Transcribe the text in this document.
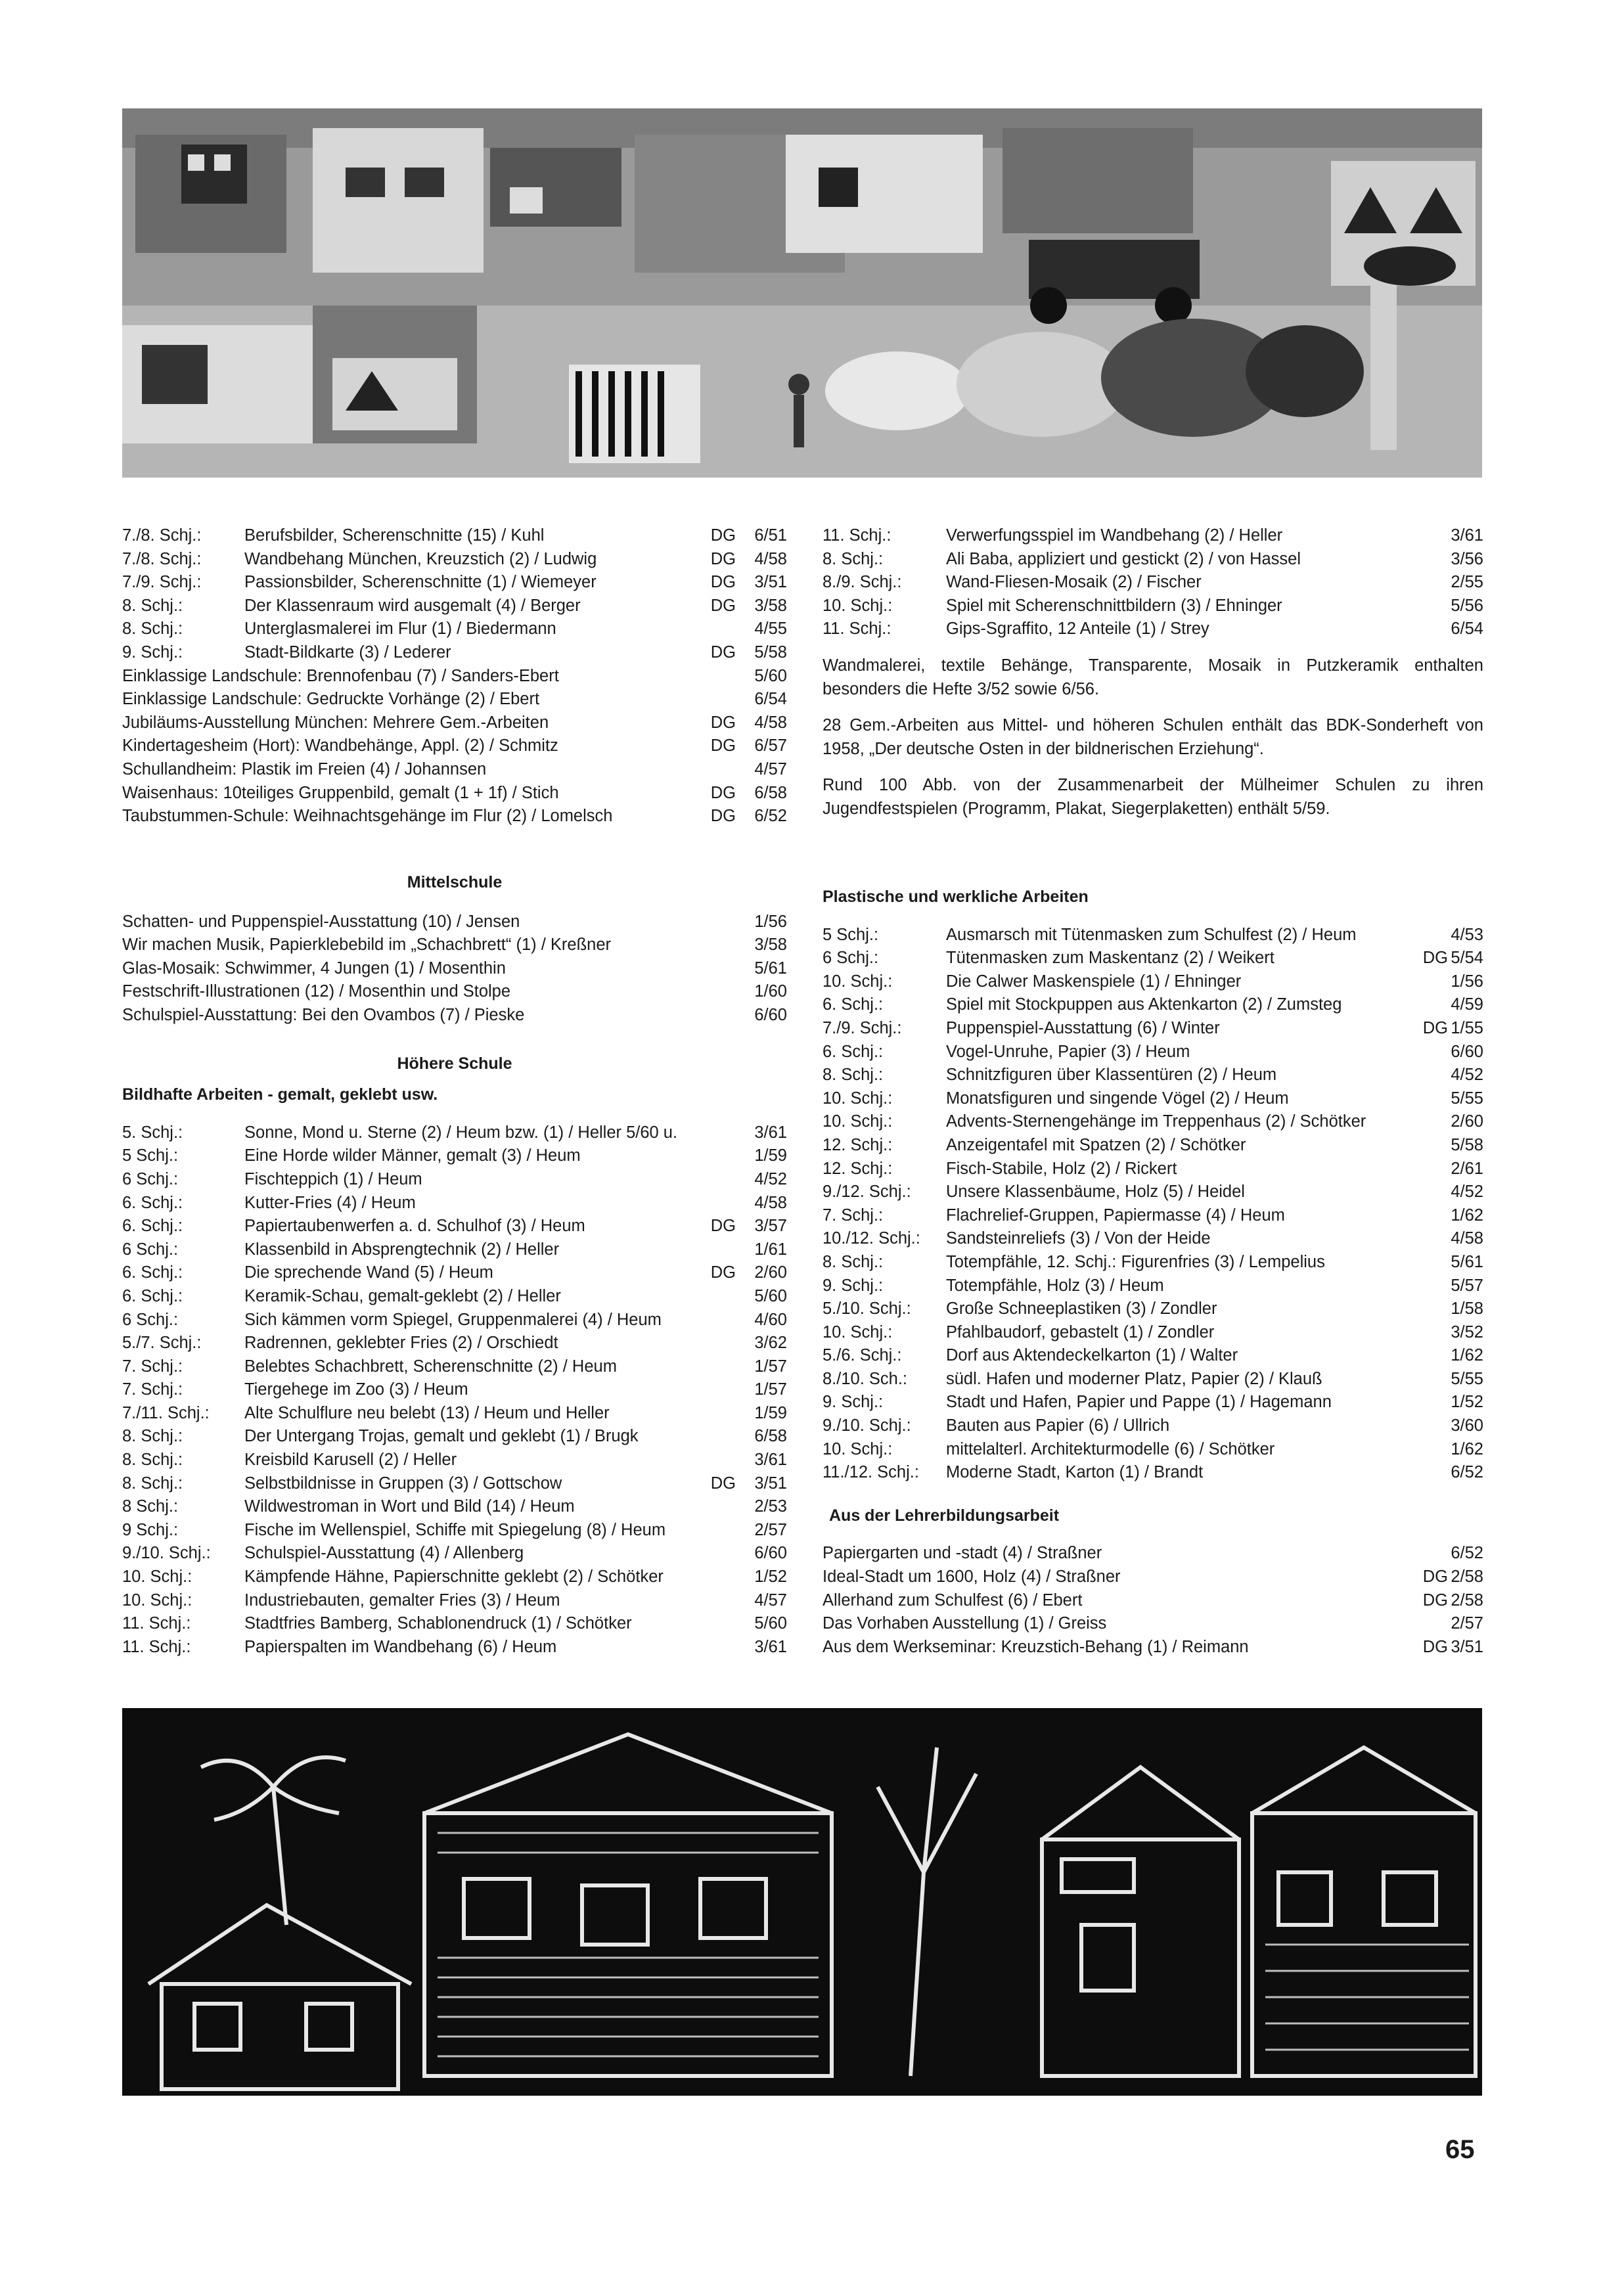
7./8. Schj.:	Berufsbilder, Scherenschnitte (15) / Kuhl	DG 6/51
7./8. Schj.:	Wandbehang München, Kreuzstich (2) / Ludwig	DG 4/58
7./9. Schj.:	Passionsbilder, Scherenschnitte (1) / Wiemeyer	DG 3/51
8. Schj.:	Der Klassenraum wird ausgemalt (4) / Berger	DG 3/58
8. Schj.:	Unterglasmalerei im Flur (1) / Biedermann	4/55
9. Schj.:	Stadt-Bildkarte (3) / Lederer	DG 5/58
Einklassige Landschule: Brennofenbau (7) / Sanders-Ebert	5/60
Einklassige Landschule: Gedruckte Vorhänge (2) / Ebert	6/54
Jubiläums-Ausstellung München: Mehrere Gem.-Arbeiten	DG 4/58
Kindertagesheim (Hort): Wandbehänge, Appl. (2) / Schmitz	DG 6/57
Schullandheim: Plastik im Freien (4) / Johannsen	4/57
Waisenhaus: 10teiliges Gruppenbild, gemalt (1 + 1f) / Stich	DG 6/58
Taubstummen-Schule: Weihnachtsgehänge im Flur (2) / Lomelsch	DG 6/52
11. Schj.:	Verwerfungsspiel im Wandbehang (2) / Heller	3/61
8. Schj.:	Ali Baba, appliziert und gestickt (2) / von Hassel	3/56
8./9. Schj.:	Wand-Fliesen-Mosaik (2) / Fischer	2/55
10. Schj.:	Spiel mit Scherenschnittbildern (3) / Ehninger	5/56
11. Schj.:	Gips-Sgraffito, 12 Anteile (1) / Strey	6/54

Wandmalerei, textile Behänge, Transparente, Mosaik in Putzkeramik enthalten besonders die Hefte 3/52 sowie 6/56.

28 Gem.-Arbeiten aus Mittel- und höheren Schulen enthält das BDK-Sonderheft von 1958, „Der deutsche Osten in der bildnerischen Erziehung“.

Rund 100 Abb. von der Zusammenarbeit der Mülheimer Schulen zu ihren Jugendfestspielen (Programm, Plakat, Siegerplaketten) enthält 5/59.

Mittelschule

Schatten- und Puppenspiel-Ausstattung (10) / Jensen	1/56
Wir machen Musik, Papierklebebild im „Schachbrett“ (1) / Kreßner	3/58
Glas-Mosaik: Schwimmer, 4 Jungen (1) / Mosenthin	5/61
Festschrift-Illustrationen (12) / Mosenthin und Stolpe	1/60
Schulspiel-Ausstattung: Bei den Ovambos (7) / Pieske	6/60

Höhere Schule

Bildhafte Arbeiten - gemalt, geklebt usw.

5. Schj.:	Sonne, Mond u. Sterne (2) / Heum bzw. (1) / Heller 5/60 u.	3/61
5 Schj.:	Eine Horde wilder Männer, gemalt (3) / Heum	1/59
6 Schj.:	Fischteppich (1) / Heum	4/52
6. Schj.:	Kutter-Fries (4) / Heum	4/58
6. Schj.:	Papiertaubenwerfen a. d. Schulhof (3) / Heum	DG 3/57
6 Schj.:	Klassenbild in Absprengtechnik (2) / Heller	1/61
6. Schj.:	Die sprechende Wand (5) / Heum	DG 2/60
6. Schj.:	Keramik-Schau, gemalt-geklebt (2) / Heller	5/60
6 Schj.:	Sich kämmen vorm Spiegel, Gruppenmalerei (4) / Heum	4/60
5./7. Schj.:	Radrennen, geklebter Fries (2) / Orschiedt	3/62
7. Schj.:	Belebtes Schachbrett, Scherenschnitte (2) / Heum	1/57
7. Schj.:	Tiergehege im Zoo (3) / Heum	1/57
7./11. Schj.: Alte Schulflure neu belebt (13) / Heum und Heller	1/59
8. Schj.:	Der Untergang Trojas, gemalt und geklebt (1) / Brugk	6/58
8. Schj.:	Kreisbild Karusell (2) / Heller	3/61
8. Schj.:	Selbstbildnisse in Gruppen (3) / Gottschow	DG 3/51
8 Schj.:	Wildwestroman in Wort und Bild (14) / Heum	2/53
9 Schj.:	Fische im Wellenspiel, Schiffe mit Spiegelung (8) / Heum	2/57
9./10. Schj.: Schulspiel-Ausstattung (4) / Allenberg	6/60
10. Schj.:	Kämpfende Hähne, Papierschnitte geklebt (2) / Schötker	1/52
10. Schj.:	Industriebauten, gemalter Fries (3) / Heum	4/57
11. Schj.:	Stadtfries Bamberg, Schablonendruck (1) / Schötker	5/60
11. Schj.:	Papierspalten im Wandbehang (6) / Heum	3/61

Plastische und werkliche Arbeiten

5 Schj.:	Ausmarsch mit Tütenmasken zum Schulfest (2) / Heum	4/53
6 Schj.:	Tütenmasken zum Maskentanz (2) / Weikert	DG 5/54
10. Schj.:	Die Calwer Maskenspiele (1) / Ehninger	1/56
6. Schj.:	Spiel mit Stockpuppen aus Aktenkarton (2) / Zumsteg	4/59
7./9. Schj.:	Puppenspiel-Ausstattung (6) / Winter	DG 1/55
6. Schj.:	Vogel-Unruhe, Papier (3) / Heum	6/60
8. Schj.:	Schnitzfiguren über Klassentüren (2) / Heum	4/52
10. Schj.:	Monatsfiguren und singende Vögel (2) / Heum	5/55
10. Schj.:	Advents-Sternengehänge im Treppenhaus (2) / Schötker	2/60
12. Schj.:	Anzeigentafel mit Spatzen (2) / Schötker	5/58
12. Schj.:	Fisch-Stabile, Holz (2) / Rickert	2/61
9./12. Schj.: Unsere Klassenbäume, Holz (5) / Heidel	4/52
7. Schj.:	Flachrelief-Gruppen, Papiermasse (4) / Heum	1/62
10./12. Schj.: Sandsteinreliefs (3) / Von der Heide	4/58
8. Schj.:	Totempfähle, 12. Schj.: Figurenfries (3) / Lempelius	5/61
9. Schj.:	Totempfähle, Holz (3) / Heum	5/57
5./10. Schj.: Große Schneeplastiken (3) / Zondler	1/58
10. Schj.:	Pfahlbaudorf, gebastelt (1) / Zondler	3/52
5./6. Schj.:	Dorf aus Aktendeckelkarton (1) / Walter	1/62
8./10. Sch.: südl. Hafen und moderner Platz, Papier (2) / Klauß	5/55
9. Schj.:	Stadt und Hafen, Papier und Pappe (1) / Hagemann	1/52
9./10. Schj.: Bauten aus Papier (6) / Ullrich	3/60
10. Schj.:	mittelalterl. Architekturmodelle (6) / Schötker	1/62
11./12. Schj.: Moderne Stadt, Karton (1) / Brandt	6/52

Aus der Lehrerbildungsarbeit

Papiergarten und -stadt (4) / Straßner	6/52
Ideal-Stadt um 1600, Holz (4) / Straßner	DG 2/58
Allerhand zum Schulfest (6) / Ebert	DG 2/58
Das Vorhaben Ausstellung (1) / Greiss	2/57
Aus dem Werkseminar: Kreuzstich-Behang (1) / Reimann	DG 3/51
65
